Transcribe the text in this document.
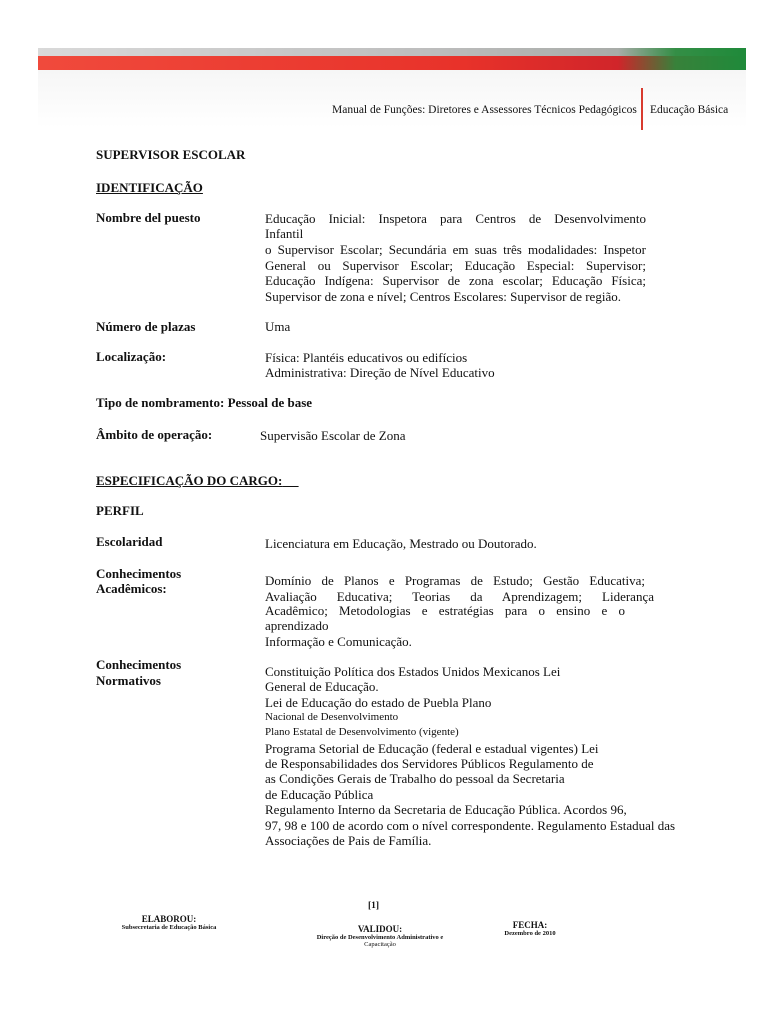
Manual de Funções: Diretores e Assessores Técnicos Pedagógicos Educação Básica
SUPERVISOR ESCOLAR
IDENTIFICAÇÃO
Nombre del puesto	Educação Inicial: Inspetora para Centros de Desenvolvimento
Infantil
o Supervisor Escolar; Secundária em suas três modalidades: Inspetor
General ou Supervisor Escolar; Educação Especial: Supervisor;
Educação Indígena: Supervisor de zona escolar; Educação Física;
Supervisor de zona e nível; Centros Escolares: Supervisor de região.
Número de plazas	Uma
Localização:	Física: Plantéis educativos ou edifícios
Administrativa: Direção de Nível Educativo
Tipo de nombramento: Pessoal de base
Âmbito de operação:	Supervisão Escolar de Zona
ESPECIFICAÇÃO DO CARGO:
PERFIL
Escolaridad	Licenciatura em Educação, Mestrado ou Doutorado.
Conhecimentos
Acadêmicos:
Domínio de Planos e Programas de Estudo; Gestão Educativa;
Avaliação Educativa; Teorias da Aprendizagem; Liderança
Acadêmico; Metodologias e estratégias para o ensino e o
aprendizado
Informação e Comunicação.
Conhecimentos
Normativos
Constituição Política dos Estados Unidos Mexicanos Lei
General de Educação.
Lei de Educação do estado de Puebla Plano
Nacional de Desenvolvimento
Plano Estatal de Desenvolvimento (vigente)
Programa Setorial de Educação (federal e estadual vigentes) Lei
de Responsabilidades dos Servidores Públicos Regulamento de
as Condições Gerais de Trabalho do pessoal da Secretaria
de Educação Pública
Regulamento Interno da Secretaria de Educação Pública. Acordos 96,
97, 98 e 100 de acordo com o nível correspondente. Regulamento Estadual das
Associações de Pais de Família.
[1]
ELABOROU:
Subsecretaria de Educação Básica	VALIDOU:
Direção de Desenvolvimento Administrativo e
Capacitação
FECHA:
Dezembro de 2010
